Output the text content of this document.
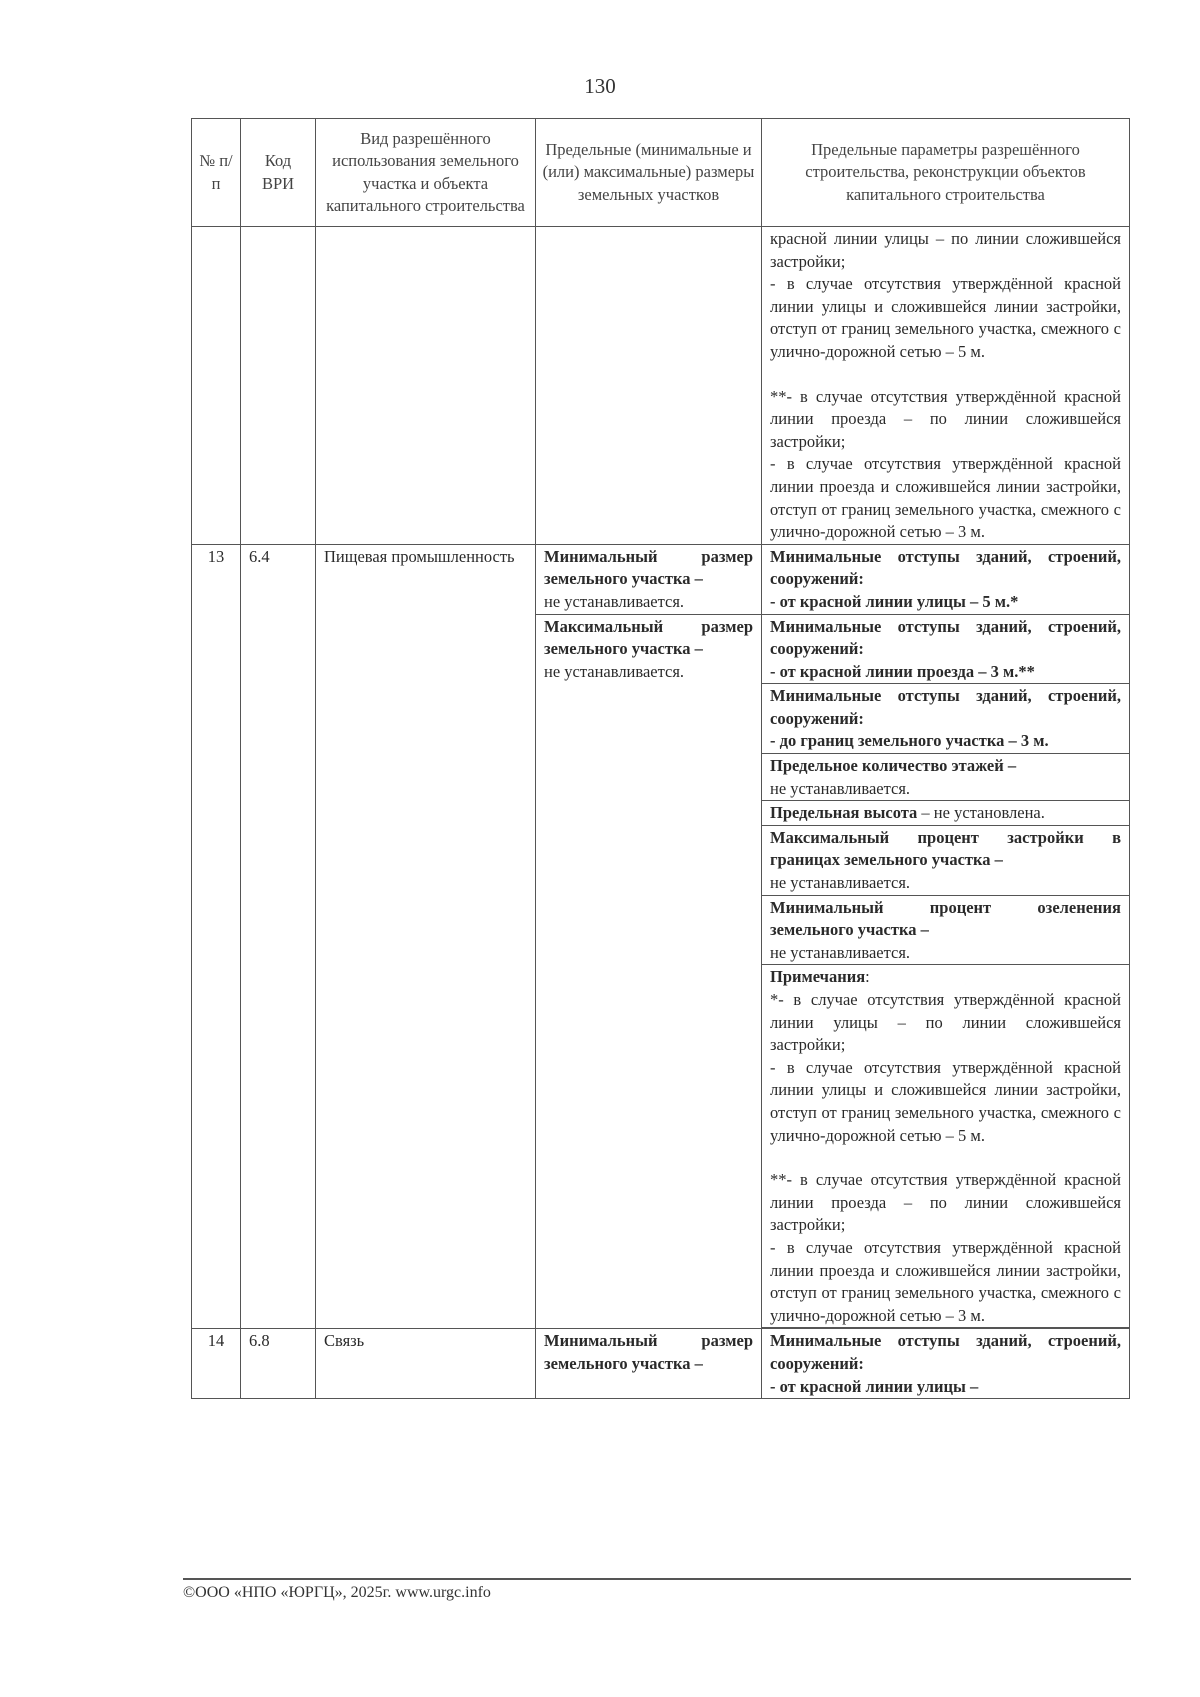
130
№ п/п	Код ВРИ	Вид разрешённого использования земельного участка и объекта капитального строительства	Предельные (минимальные и (или) максимальные) размеры земельных участков	Предельные параметры разрешённого строительства, реконструкции объектов капитального строительства

				красной линии улицы – по линии сложившейся застройки;
- в случае отсутствия утверждённой красной линии улицы и сложившейся линии застройки, отступ от границ земельного участка, смежного с улично-дорожной сетью – 5 м.
**- в случае отсутствия утверждённой красной линии проезда – по линии сложившейся застройки;
- в случае отсутствия утверждённой красной линии проезда и сложившейся линии застройки, отступ от границ земельного участка, смежного с улично-дорожной сетью – 3 м.

13	6.4	Пищевая промышленность	Минимальный размер земельного участка –
не устанавливается.	Минимальные отступы зданий, строений, сооружений:
- от красной линии улицы – 5 м.*
			Максимальный размер земельного участка –
не устанавливается.	Минимальные отступы зданий, строений, сооружений:
- от красной линии проезда – 3 м.**
				Минимальные отступы зданий, строений, сооружений:
- до границ земельного участка – 3 м.
				Предельное количество этажей –
не устанавливается.
				Предельная высота – не установлена.
				Максимальный процент застройки в границах земельного участка –
не устанавливается.
				Минимальный процент озеленения земельного участка –
не устанавливается.

				Примечания:
*- в случае отсутствия утверждённой красной линии улицы – по линии сложившейся застройки;
- в случае отсутствия утверждённой красной линии улицы и сложившейся линии застройки, отступ от границ земельного участка, смежного с улично-дорожной сетью – 5 м.
**- в случае отсутствия утверждённой красной линии проезда – по линии сложившейся застройки;
- в случае отсутствия утверждённой красной линии проезда и сложившейся линии застройки, отступ от границ земельного участка, смежного с улично-дорожной сетью – 3 м.

14	6.8	Связь	Минимальный размер земельного участка –	Минимальные отступы зданий, строений, сооружений:
- от красной линии улицы –
©ООО «НПО «ЮРГЦ», 2025г. www.urgc.info
